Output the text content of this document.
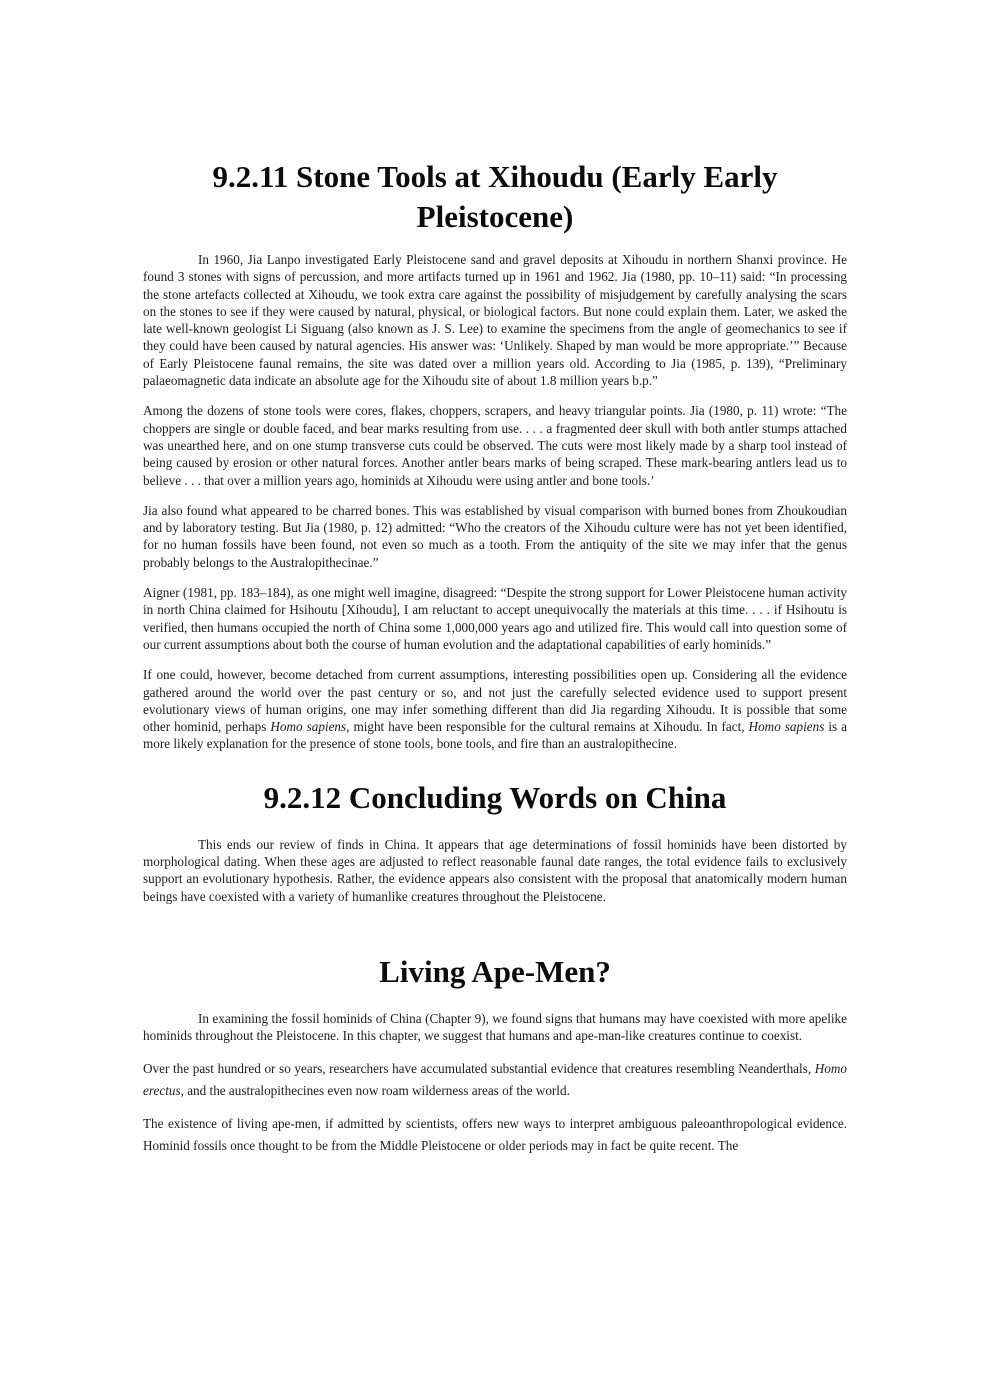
9.2.11 Stone Tools at Xihoudu (Early Early Pleistocene)

In 1960, Jia Lanpo investigated Early Pleistocene sand and gravel deposits at Xihoudu in northern Shanxi province. He found 3 stones with signs of percussion, and more artifacts turned up in 1961 and 1962. Jia (1980, pp. 10–11) said: “In processing the stone artefacts collected at Xihoudu, we took extra care against the possibility of misjudgement by carefully analysing the scars on the stones to see if they were caused by natural, physical, or biological factors. But none could explain them. Later, we asked the late well-known geologist Li Siguang (also known as J. S. Lee) to examine the specimens from the angle of geomechanics to see if they could have been caused by natural agencies. His answer was: ‘Unlikely. Shaped by man would be more appropriate.’” Because of Early Pleistocene faunal remains, the site was dated over a million years old. According to Jia (1985, p. 139), “Preliminary palaeomagnetic data indicate an absolute age for the Xihoudu site of about 1.8 million years b.p.”

Among the dozens of stone tools were cores, flakes, choppers, scrapers, and heavy triangular points. Jia (1980, p. 11) wrote: “The choppers are single or double faced, and bear marks resulting from use. . . . a fragmented deer skull with both antler stumps attached was unearthed here, and on one stump transverse cuts could be observed. The cuts were most likely made by a sharp tool instead of being caused by erosion or other natural forces. Another antler bears marks of being scraped. These mark-bearing antlers lead us to believe . . . that over a million years ago, hominids at Xihoudu were using antler and bone tools.’

Jia also found what appeared to be charred bones. This was established by visual comparison with burned bones from Zhoukoudian and by laboratory testing. But Jia (1980, p. 12) admitted: “Who the creators of the Xihoudu culture were has not yet been identified, for no human fossils have been found, not even so much as a tooth. From the antiquity of the site we may infer that the genus probably belongs to the Australopithecinae.”

Aigner (1981, pp. 183–184), as one might well imagine, disagreed: “Despite the strong support for Lower Pleistocene human activity in north China claimed for Hsihoutu [Xihoudu], I am reluctant to accept unequivocally the materials at this time. . . . if Hsihoutu is verified, then humans occupied the north of China some 1,000,000 years ago and utilized fire. This would call into question some of our current assumptions about both the course of human evolution and the adaptational capabilities of early hominids.”

If one could, however, become detached from current assumptions, interesting possibilities open up. Considering all the evidence gathered around the world over the past century or so, and not just the carefully selected evidence used to support present evolutionary views of human origins, one may infer something different than did Jia regarding Xihoudu. It is possible that some other hominid, perhaps Homo sapiens, might have been responsible for the cultural remains at Xihoudu. In fact, Homo sapiens is a more likely explanation for the presence of stone tools, bone tools, and fire than an australopithecine.

9.2.12 Concluding Words on China

This ends our review of finds in China. It appears that age determinations of fossil hominids have been distorted by morphological dating. When these ages are adjusted to reflect reasonable faunal date ranges, the total evidence fails to exclusively support an evolutionary hypothesis. Rather, the evidence appears also consistent with the proposal that anatomically modern human beings have coexisted with a variety of humanlike creatures throughout the Pleistocene.

Living Ape-Men?

In examining the fossil hominids of China (Chapter 9), we found signs that humans may have coexisted with more apelike hominids throughout the Pleistocene. In this chapter, we suggest that humans and ape-man-like creatures continue to coexist.

Over the past hundred or so years, researchers have accumulated substantial evidence that creatures resembling Neanderthals, Homo erectus, and the australopithecines even now roam wilderness areas of the world.

The existence of living ape-men, if admitted by scientists, offers new ways to interpret ambiguous paleoanthropological evidence. Hominid fossils once thought to be from the Middle Pleistocene or older periods may in fact be quite recent. The
